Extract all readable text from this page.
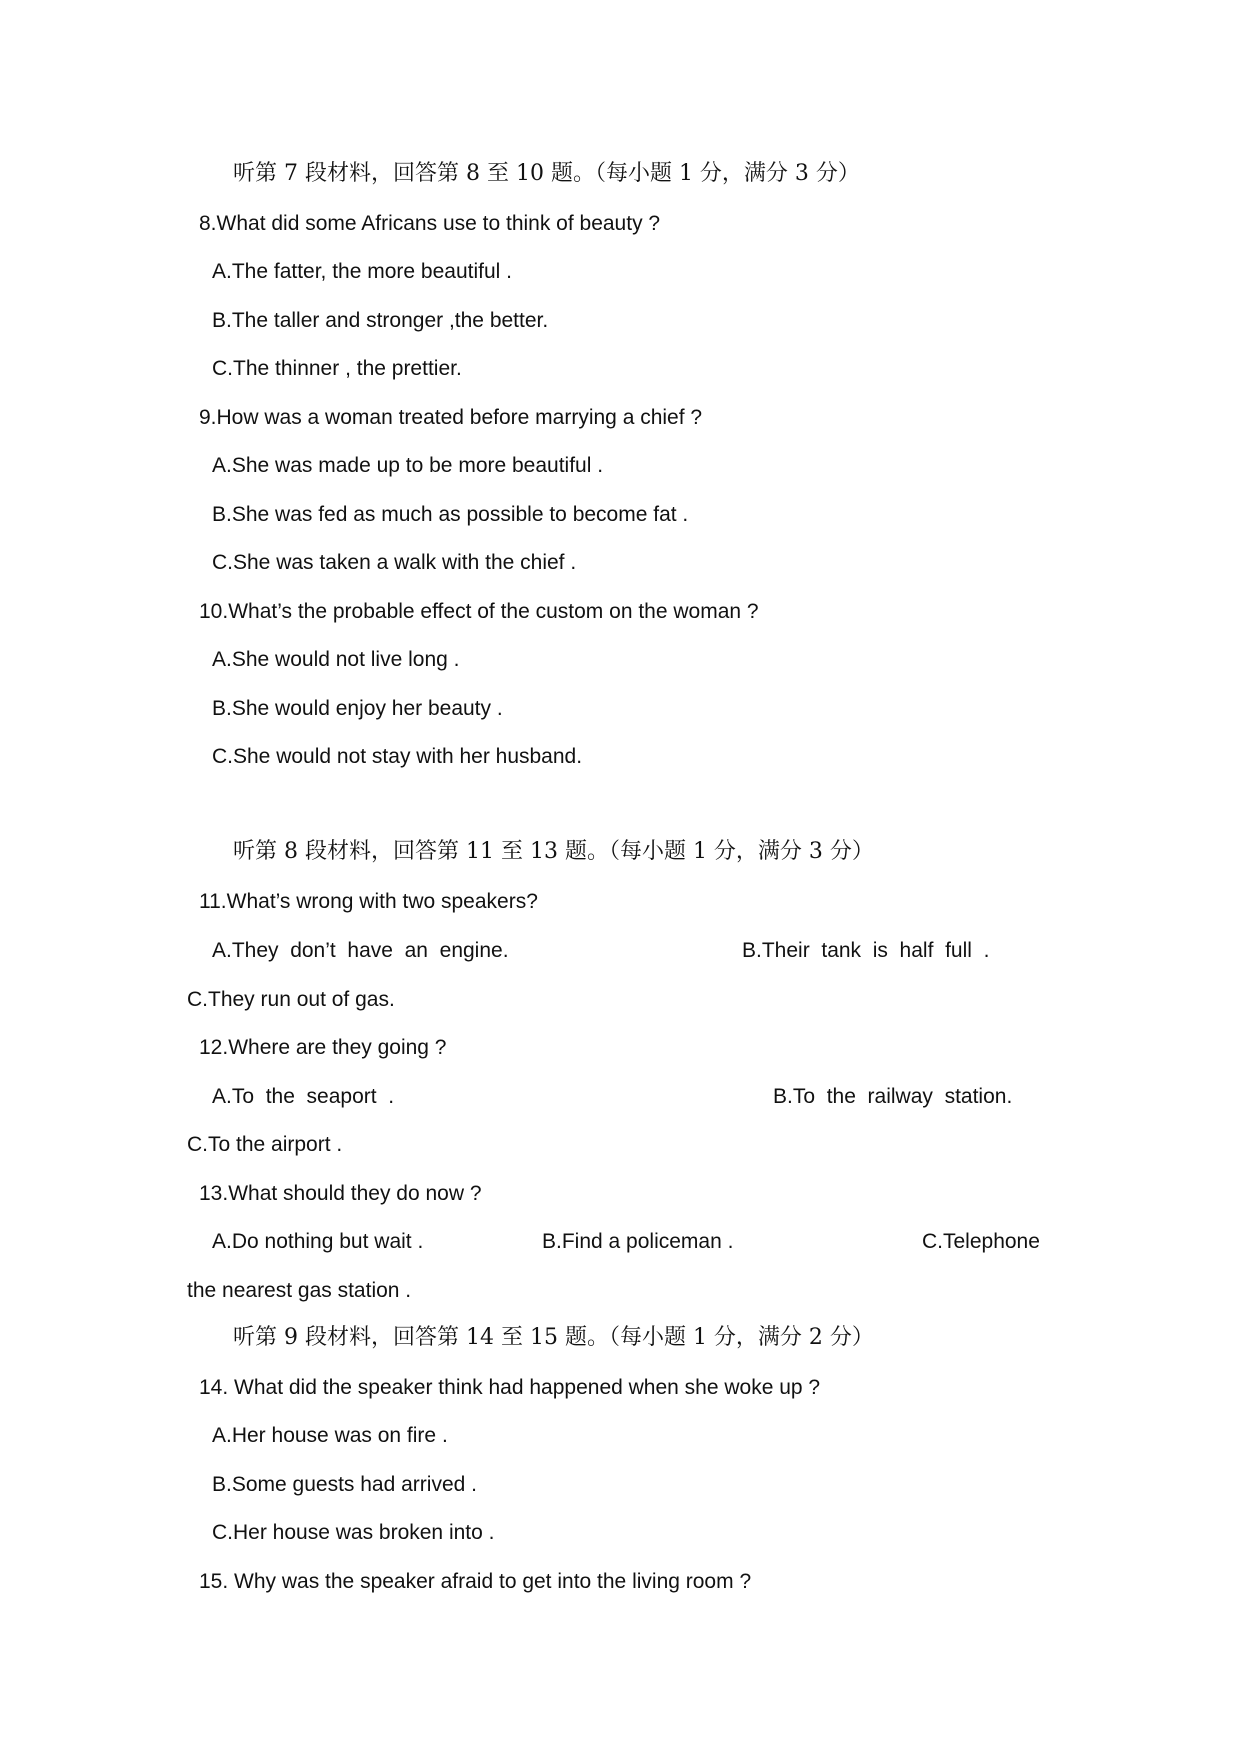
听第 7 段材料，回答第 8 至 10 题。（每小题 1 分，满分 3 分）
8.What did some Africans use to think of beauty ?
A.The fatter, the more beautiful .
B.The taller and stronger ,the better.
C.The thinner , the prettier.
9.How was a woman treated before marrying a chief ?
A.She was made up to be more beautiful .
B.She was fed as much as possible to become fat .
C.She was taken a walk with the chief .
10.What’s the probable effect of the custom on the woman ?
A.She would not live long .
B.She would enjoy her beauty .
C.She would not stay with her husband.
听第 8 段材料，回答第 11 至 13 题。（每小题 1 分，满分 3 分）
11.What’s wrong with two speakers?
A.They  don’t  have  an  engine.	B.Their  tank  is  half  full  .
C.They run out of gas.
12.Where are they going ?
A.To  the  seaport  .	B.To  the  railway  station.
C.To the airport .
13.What should they do now ?
A.Do nothing but wait .	B.Find a policeman .	C.Telephone
the nearest gas station .
听第 9 段材料，回答第 14 至 15 题。（每小题 1 分，满分 2 分）
14. What did the speaker think had happened when she woke up ?
A.Her house was on fire .
B.Some guests had arrived .
C.Her house was broken into .
15. Why was the speaker afraid to get into the living room ?
